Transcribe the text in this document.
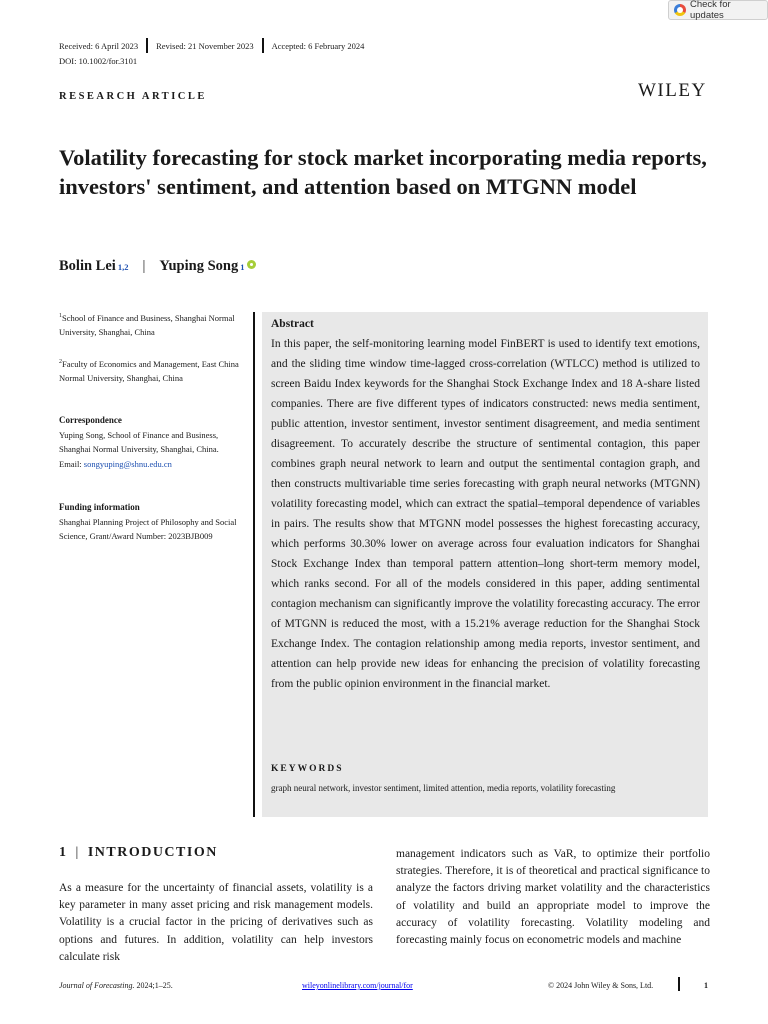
Check for updates
Received: 6 April 2023 Revised: 21 November 2023 Accepted: 6 February 2024
DOI: 10.1002/for.3101
RESEARCH ARTICLE	WILEY
Volatility forecasting for stock market incorporating media reports, investors' sentiment, and attention based on MTGNN model
Bolin Lei 1,2 | Yuping Song 1
$^1$School of Finance and Business, Shanghai Normal University, Shanghai, China
$^2$Faculty of Economics and Management, East China Normal University, Shanghai, China
Correspondence
Yuping Song, School of Finance and Business, Shanghai Normal University, Shanghai, China.
Email: songyuping@shnu.edu.cn
Funding information
Shanghai Planning Project of Philosophy and Social Science, Grant/Award Number: 2023BJB009
Abstract
In this paper, the self-monitoring learning model FinBERT is used to identify text emotions, and the sliding time window time-lagged cross-correlation (WTLCC) method is utilized to screen Baidu Index keywords for the Shanghai Stock Exchange Index and 18 A-share listed companies. There are five different types of indicators constructed: news media sentiment, public attention, investor sentiment, investor sentiment disagreement, and media sentiment disagreement. To accurately describe the structure of sentimental contagion, this paper combines graph neural network to learn and output the sentimental contagion graph, and then constructs multivariable time series forecasting with graph neural networks (MTGNN) volatility forecasting model, which can extract the spatial–temporal dependence of variables in pairs. The results show that MTGNN model possesses the highest forecasting accuracy, which performs 30.30% lower on average across four evaluation indicators for Shanghai Stock Exchange Index than temporal pattern attention–long short-term memory model, which ranks second. For all of the models considered in this paper, adding sentimental contagion mechanism can significantly improve the volatility forecasting accuracy. The error of MTGNN is reduced the most, with a 15.21% average reduction for the Shanghai Stock Exchange Index. The contagion relationship among media reports, investor sentiment, and attention can help provide new ideas for enhancing the precision of volatility forecasting from the public opinion environment in the financial market.
KEYWORDS
graph neural network, investor sentiment, limited attention, media reports, volatility forecasting
1 | INTRODUCTION
As a measure for the uncertainty of financial assets, volatility is a key parameter in many asset pricing and risk management models. Volatility is a crucial factor in the pricing of derivatives such as options and futures. In addition, volatility can help investors calculate risk
management indicators such as VaR, to optimize their portfolio strategies. Therefore, it is of theoretical and practical significance to analyze the factors driving market volatility and the characteristics of volatility and build an appropriate model to improve the accuracy of volatility forecasting. Volatility modeling and forecasting mainly focus on econometric models and machine
Journal of Forecasting. 2024;1–25.	wileyonlinelibrary.com/journal/for	© 2024 John Wiley & Sons, Ltd.	1
